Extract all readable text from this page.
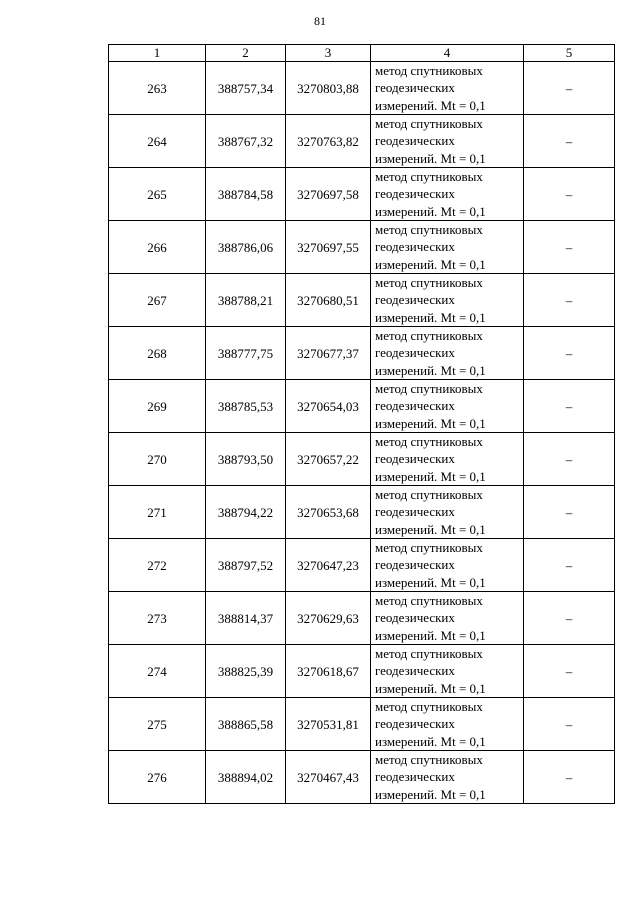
81
1	2	3	4	5
263	388757,34	3270803,88	метод спутниковых
геодезических
измерений. Mt = 0,1	–
264	388767,32	3270763,82	метод спутниковых
геодезических
измерений. Mt = 0,1	–
265	388784,58	3270697,58	метод спутниковых
геодезических
измерений. Mt = 0,1	–
266	388786,06	3270697,55	метод спутниковых
геодезических
измерений. Mt = 0,1	–
267	388788,21	3270680,51	метод спутниковых
геодезических
измерений. Mt = 0,1	–
268	388777,75	3270677,37	метод спутниковых
геодезических
измерений. Mt = 0,1	–
269	388785,53	3270654,03	метод спутниковых
геодезических
измерений. Mt = 0,1	–
270	388793,50	3270657,22	метод спутниковых
геодезических
измерений. Mt = 0,1	–
271	388794,22	3270653,68	метод спутниковых
геодезических
измерений. Mt = 0,1	–
272	388797,52	3270647,23	метод спутниковых
геодезических
измерений. Mt = 0,1	–
273	388814,37	3270629,63	метод спутниковых
геодезических
измерений. Mt = 0,1	–
274	388825,39	3270618,67	метод спутниковых
геодезических
измерений. Mt = 0,1	–
275	388865,58	3270531,81	метод спутниковых
геодезических
измерений. Mt = 0,1	–
276	388894,02	3270467,43	метод спутниковых
геодезических
измерений. Mt = 0,1	–
